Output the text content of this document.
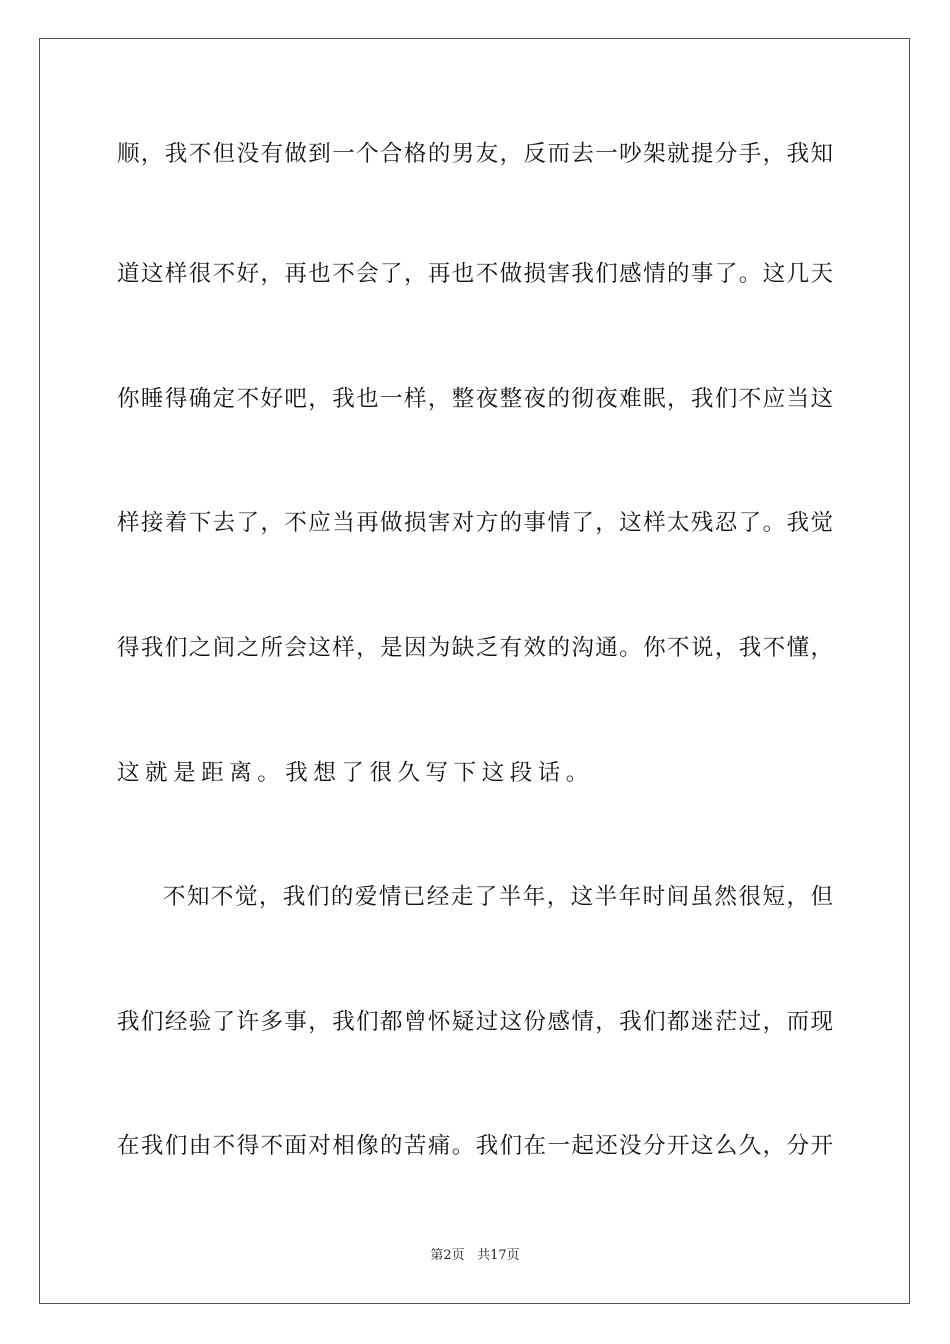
顺，我不但没有做到一个合格的男友，反而去一吵架就提分手，我知
道这样很不好，再也不会了，再也不做损害我们感情的事了。这几天
你睡得确定不好吧，我也一样，整夜整夜的彻夜难眠，我们不应当这
样接着下去了，不应当再做损害对方的事情了，这样太残忍了。我觉
得我们之间之所会这样，是因为缺乏有效的沟通。你不说，我不懂，
这就是距离。我想了很久写下这段话。
不知不觉，我们的爱情已经走了半年，这半年时间虽然很短，但
我们经验了许多事，我们都曾怀疑过这份感情，我们都迷茫过，而现
在我们由不得不面对相像的苦痛。我们在一起还没分开这么久，分开
第2页 共17页
